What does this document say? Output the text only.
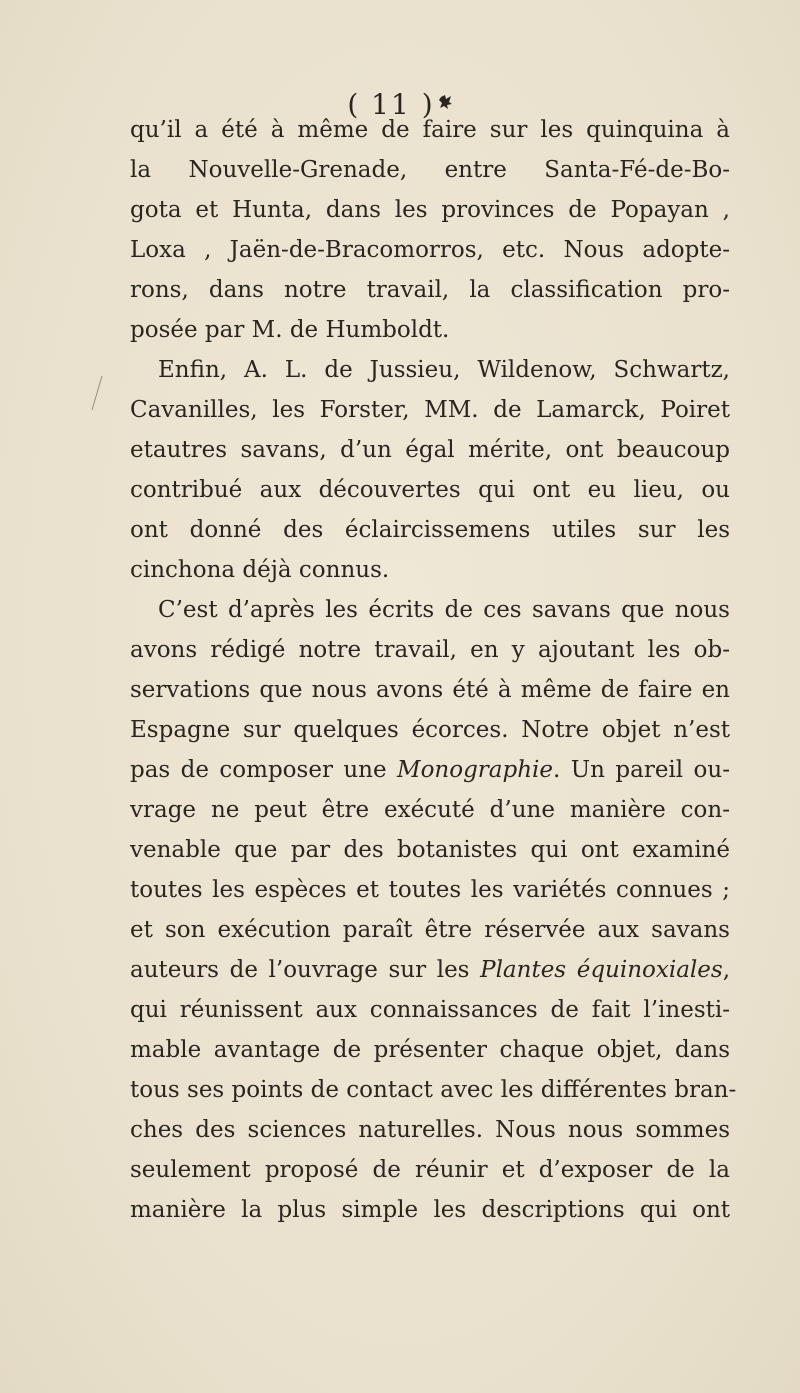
( 11 )

qu’il a été à même de faire sur les quinquina à
la Nouvelle-Grenade, entre Santa-Fé-de-Bo-
gota et Hunta, dans les provinces de Popayan ,
Loxa , Jaën-de-Bracomorros, etc. Nous adopte-
rons, dans notre travail, la classification pro-
posée par M. de Humboldt.

Enfin, A. L. de Jussieu, Wildenow, Schwartz,
Cavanilles, les Forster, MM. de Lamarck, Poiret
etautres savans, d’un égal mérite, ont beaucoup
contribué aux découvertes qui ont eu lieu, ou
ont donné des éclaircissemens utiles sur les
cinchona déjà connus.

C’est d’après les écrits de ces savans que nous
avons rédigé notre travail, en y ajoutant les ob-
servations que nous avons été à même de faire en
Espagne sur quelques écorces. Notre objet n’est
pas de composer une Monographie. Un pareil ou-
vrage ne peut être exécuté d’une manière con-
venable que par des botanistes qui ont examiné
toutes les espèces et toutes les variétés connues ;
et son exécution paraît être réservée aux savans
auteurs de l’ouvrage sur les Plantes équinoxiales,
qui réunissent aux connaissances de fait l’inesti-
mable avantage de présenter chaque objet, dans
tous ses points de contact avec les différentes bran-
ches des sciences naturelles. Nous nous sommes
seulement proposé de réunir et d’exposer de la
manière la plus simple les descriptions qui ont
